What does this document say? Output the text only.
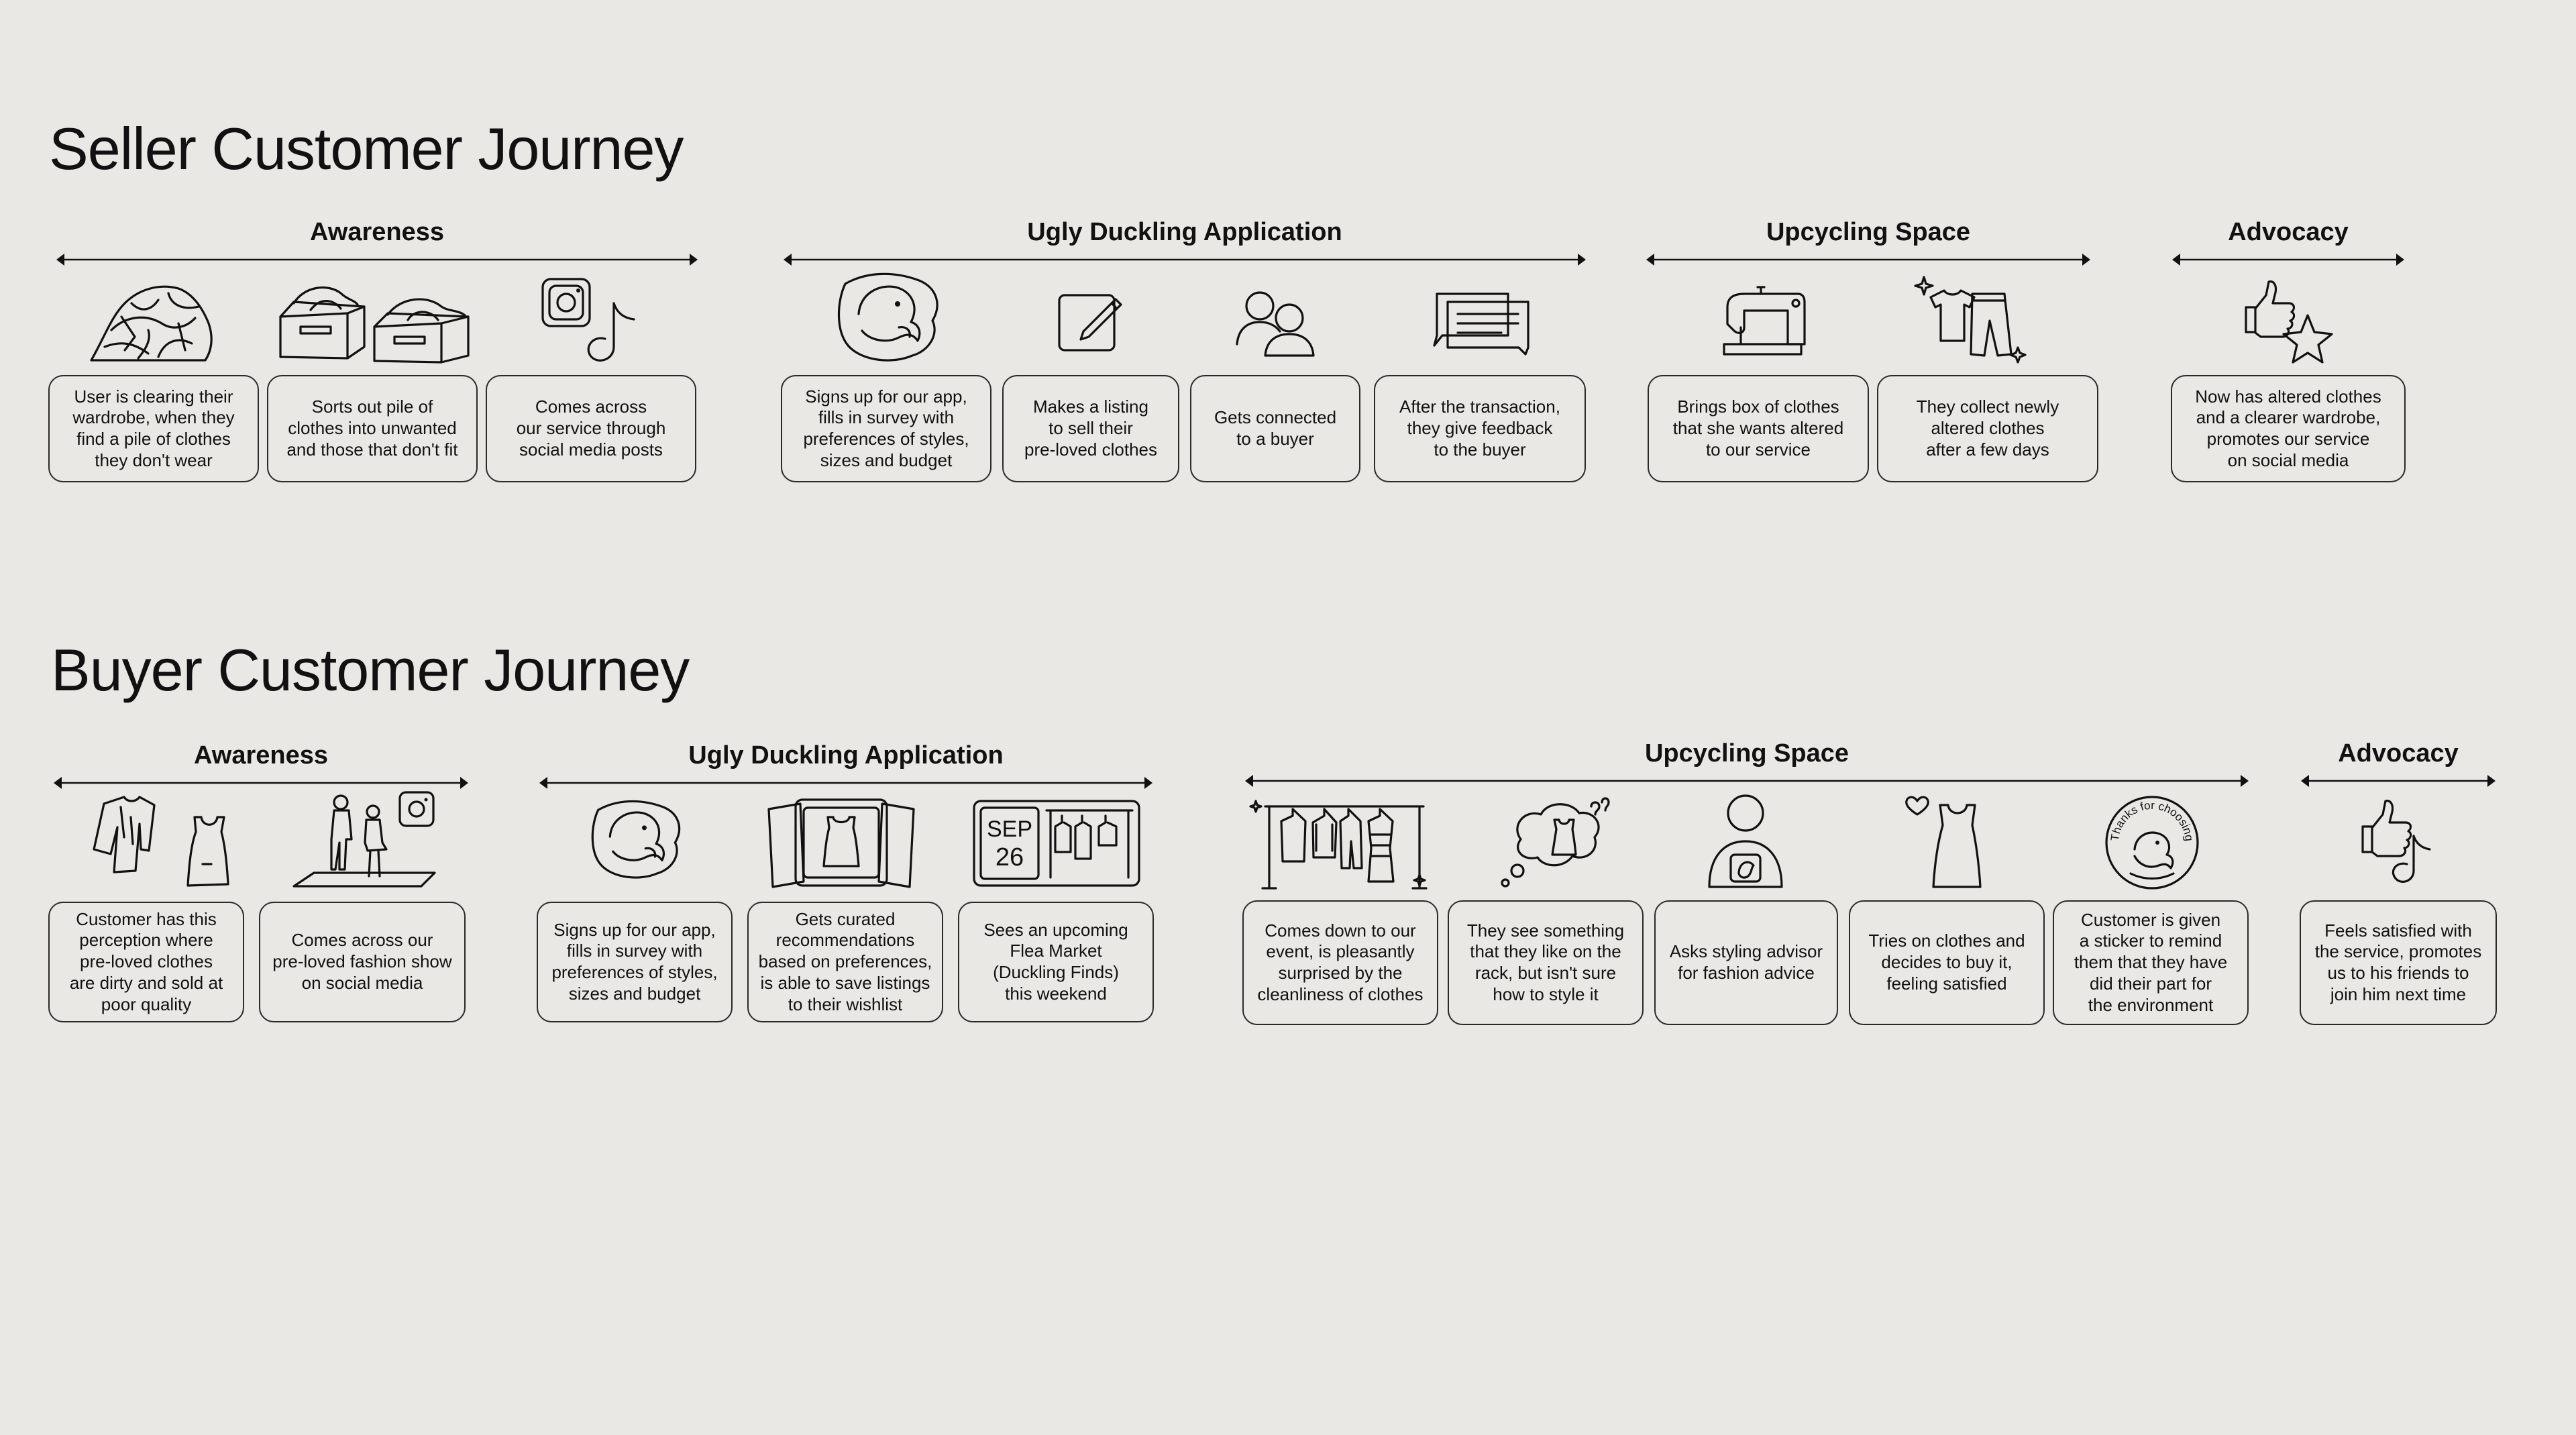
Seller Customer Journey
Awareness	Ugly Duckling Application	Upcycling Space	Advocacy
User is clearing their
wardrobe, when they
find a pile of clothes
they don't wear
Sorts out pile of
clothes into unwanted
and those that don't fit
Comes across
our service through
social media posts
Signs up for our app,
fills in survey with
preferences of styles,
sizes and budget
Makes a listing
to sell their
pre-loved clothes
Gets connected
to a buyer
After the transaction,
they give feedback
to the buyer
Brings box of clothes
that she wants altered
to our service
They collect newly
altered clothes
after a few days
Now has altered clothes
and a clearer wardrobe,
promotes our service
on social media
Buyer Customer Journey
Awareness	Ugly Duckling Application	Upcycling Space	Advocacy
SEP
26
Thanks for choosing
Customer has this
perception where
pre-loved clothes
are dirty and sold at
poor quality
Comes across our
pre-loved fashion show
on social media
Signs up for our app,
fills in survey with
preferences of styles,
sizes and budget
Gets curated
recommendations
based on preferences,
is able to save listings
to their wishlist
Sees an upcoming
Flea Market
(Duckling Finds)
this weekend
Comes down to our
event, is pleasantly
surprised by the
cleanliness of clothes
They see something
that they like on the
rack, but isn't sure
how to style it
Asks styling advisor
for fashion advice
Tries on clothes and
decides to buy it,
feeling satisfied
Customer is given
a sticker to remind
them that they have
did their part for
the environment
Feels satisfied with
the service, promotes
us to his friends to
join him next time
